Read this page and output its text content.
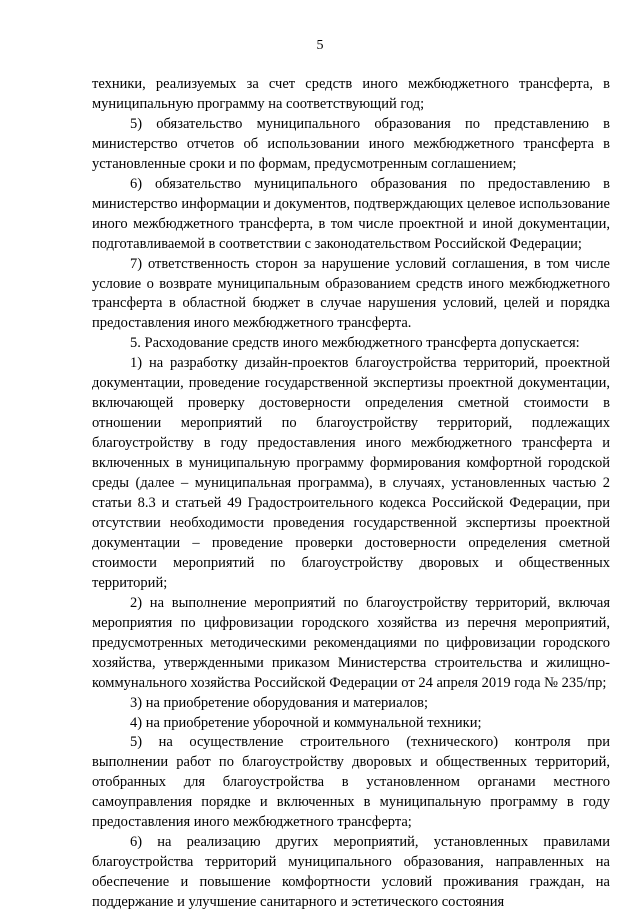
5

техники, реализуемых за счет средств иного межбюджетного трансферта, в муниципальную программу на соответствующий год;

5) обязательство муниципального образования по представлению в министерство отчетов об использовании иного межбюджетного трансферта в установленные сроки и по формам, предусмотренным соглашением;

6) обязательство муниципального образования по предоставлению в министерство информации и документов, подтверждающих целевое использование иного межбюджетного трансферта, в том числе проектной и иной документации, подготавливаемой в соответствии с законодательством Российской Федерации;

7) ответственность сторон за нарушение условий соглашения, в том числе условие о возврате муниципальным образованием средств иного межбюджетного трансферта в областной бюджет в случае нарушения условий, целей и порядка предоставления иного межбюджетного трансферта.

5. Расходование средств иного межбюджетного трансферта допускается:

1) на разработку дизайн-проектов благоустройства территорий, проектной документации, проведение государственной экспертизы проектной документации, включающей проверку достоверности определения сметной стоимости в отношении мероприятий по благоустройству территорий, подлежащих благоустройству в году предоставления иного межбюджетного трансферта и включенных в муниципальную программу формирования комфортной городской среды (далее – муниципальная программа), в случаях, установленных частью 2 статьи 8.3 и статьей 49 Градостроительного кодекса Российской Федерации, при отсутствии необходимости проведения государственной экспертизы проектной документации – проведение проверки достоверности определения сметной стоимости мероприятий по благоустройству дворовых и общественных территорий;

2) на выполнение мероприятий по благоустройству территорий, включая мероприятия по цифровизации городского хозяйства из перечня мероприятий, предусмотренных методическими рекомендациями по цифровизации городского хозяйства, утвержденными приказом Министерства строительства и жилищно-коммунального хозяйства Российской Федерации от 24 апреля 2019 года № 235/пр;

3) на приобретение оборудования и материалов;

4) на приобретение уборочной и коммунальной техники;

5) на осуществление строительного (технического) контроля при выполнении работ по благоустройству дворовых и общественных территорий, отобранных для благоустройства в установленном органами местного самоуправления порядке и включенных в муниципальную программу в году предоставления иного межбюджетного трансферта;

6) на реализацию других мероприятий, установленных правилами благоустройства территорий муниципального образования, направленных на обеспечение и повышение комфортности условий проживания граждан, на поддержание и улучшение санитарного и эстетического состояния
